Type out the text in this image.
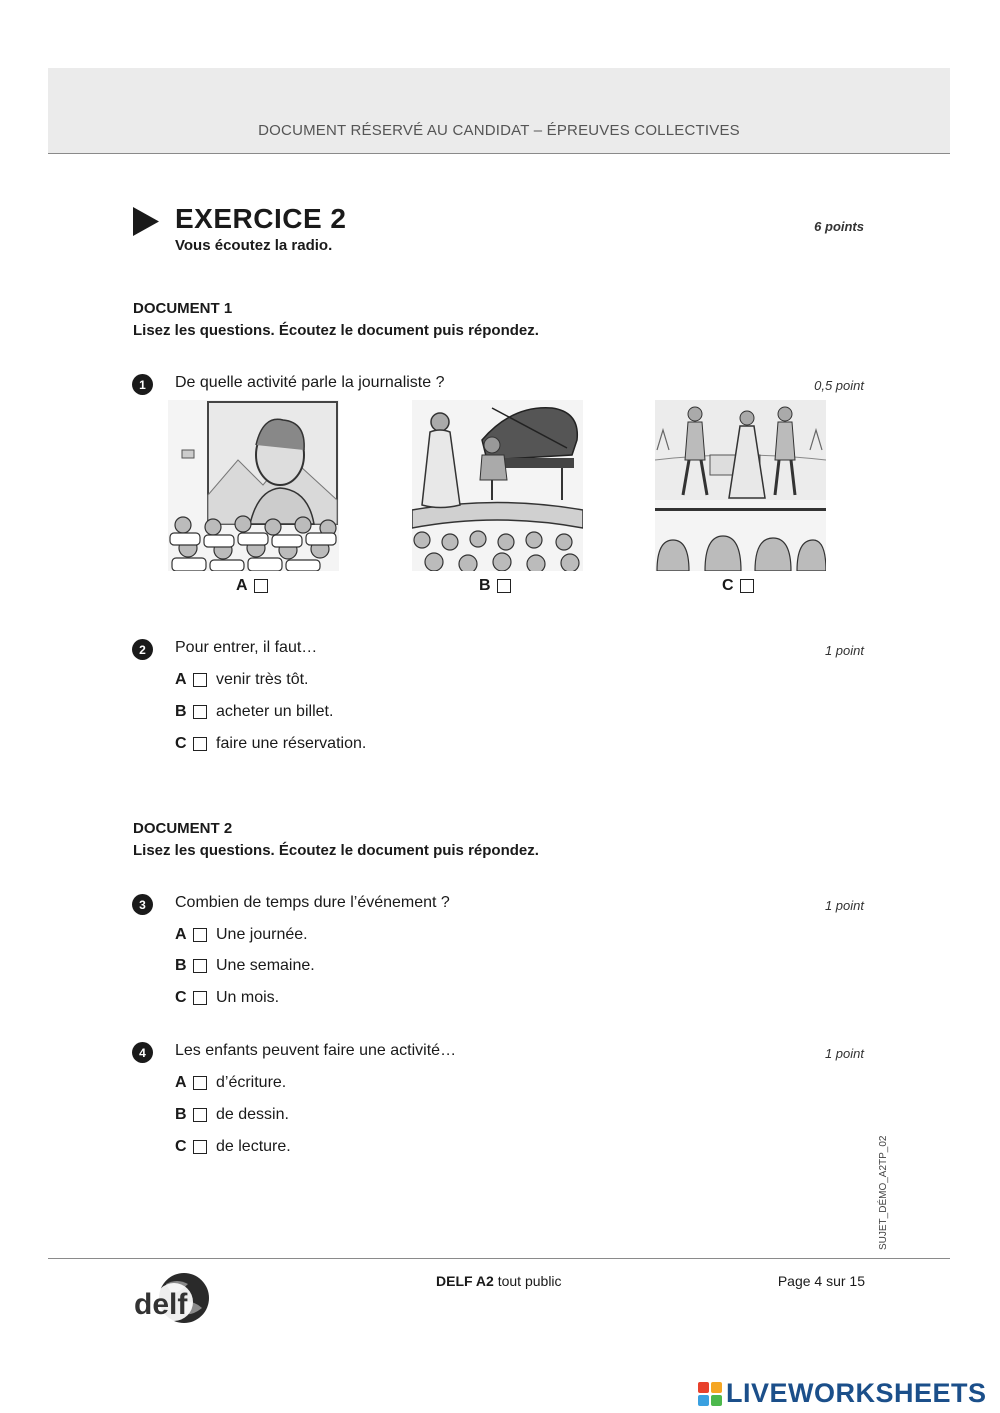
DOCUMENT RÉSERVÉ AU CANDIDAT – ÉPREUVES COLLECTIVES
EXERCICE 2
Vous écoutez la radio.
6 points
DOCUMENT 1
Lisez les questions. Écoutez le document puis répondez.
1	De quelle activité parle la journaliste ?	0,5 point
A	B	C
2	Pour entrer, il faut…	1 point
A	venir très tôt.
B	acheter un billet.
C	faire une réservation.
DOCUMENT 2
Lisez les questions. Écoutez le document puis répondez.
3	Combien de temps dure l’événement ?	1 point
A	Une journée.
B	Une semaine.
C	Un mois.
4	Les enfants peuvent faire une activité…	1 point
A	d’écriture.
B	de dessin.
C	de lecture.	SUJET_DÉMO_A2TP_02
delf
DELF A2 tout public	Page 4 sur 15
LIVEWORKSHEETS
